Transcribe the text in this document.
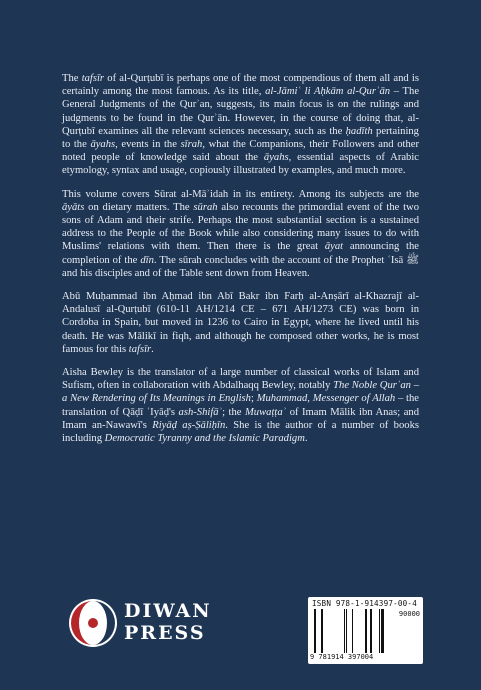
The tafsīr of al-Qurṭubī is perhaps one of the most compendious of them all and is certainly among the most famous. As its title, al-Jāmiʿ li Aḥkām al-Qurʾān – The General Judgments of the Qurʾan, suggests, its main focus is on the rulings and judgments to be found in the Qurʾān. However, in the course of doing that, al-Qurṭubī examines all the relevant sciences necessary, such as the ḥadīth pertaining to the āyahs, events in the sīrah, what the Companions, their Followers and other noted people of knowledge said about the āyahs, essential aspects of Arabic etymology, syntax and usage, copiously illustrated by examples, and much more.

This volume covers Sūrat al-Māʾidah in its entirety. Among its subjects are the āyāts on dietary matters. The sūrah also recounts the primordial event of the two sons of Adam and their strife. Perhaps the most substantial section is a sustained address to the People of the Book while also considering many issues to do with Muslims' relations with them. Then there is the great āyat announcing the completion of the dīn. The sūrah concludes with the account of the Prophet ʿIsā ﷺ and his disciples and of the Table sent down from Heaven.

Abū Muḥammad ibn Aḥmad ibn Abī Bakr ibn Farḥ al-Anṣārī al-Khazrajī al-Andalusī al-Qurṭubī (610-11 AH/1214 CE – 671 AH/1273 CE) was born in Cordoba in Spain, but moved in 1236 to Cairo in Egypt, where he lived until his death. He was Mālikī in fiqh, and although he composed other works, he is most famous for this tafsīr.

Aisha Bewley is the translator of a large number of classical works of Islam and Sufism, often in collaboration with Abdalhaqq Bewley, notably The Noble Qurʾan – a New Rendering of Its Meanings in English; Muhammad, Messenger of Allah – the translation of Qāḍī ʿIyāḍ's ash-Shifāʾ; the Muwaṭṭaʾ of Imam Mālik ibn Anas; and Imam an-Nawawī's Riyāḍ aṣ-Ṣāliḥīn. She is the author of a number of books including Democratic Tyranny and the Islamic Paradigm.

DIWAN
PRESS
ISBN 978-1-914397-00-4
90000
9 781914 397004
